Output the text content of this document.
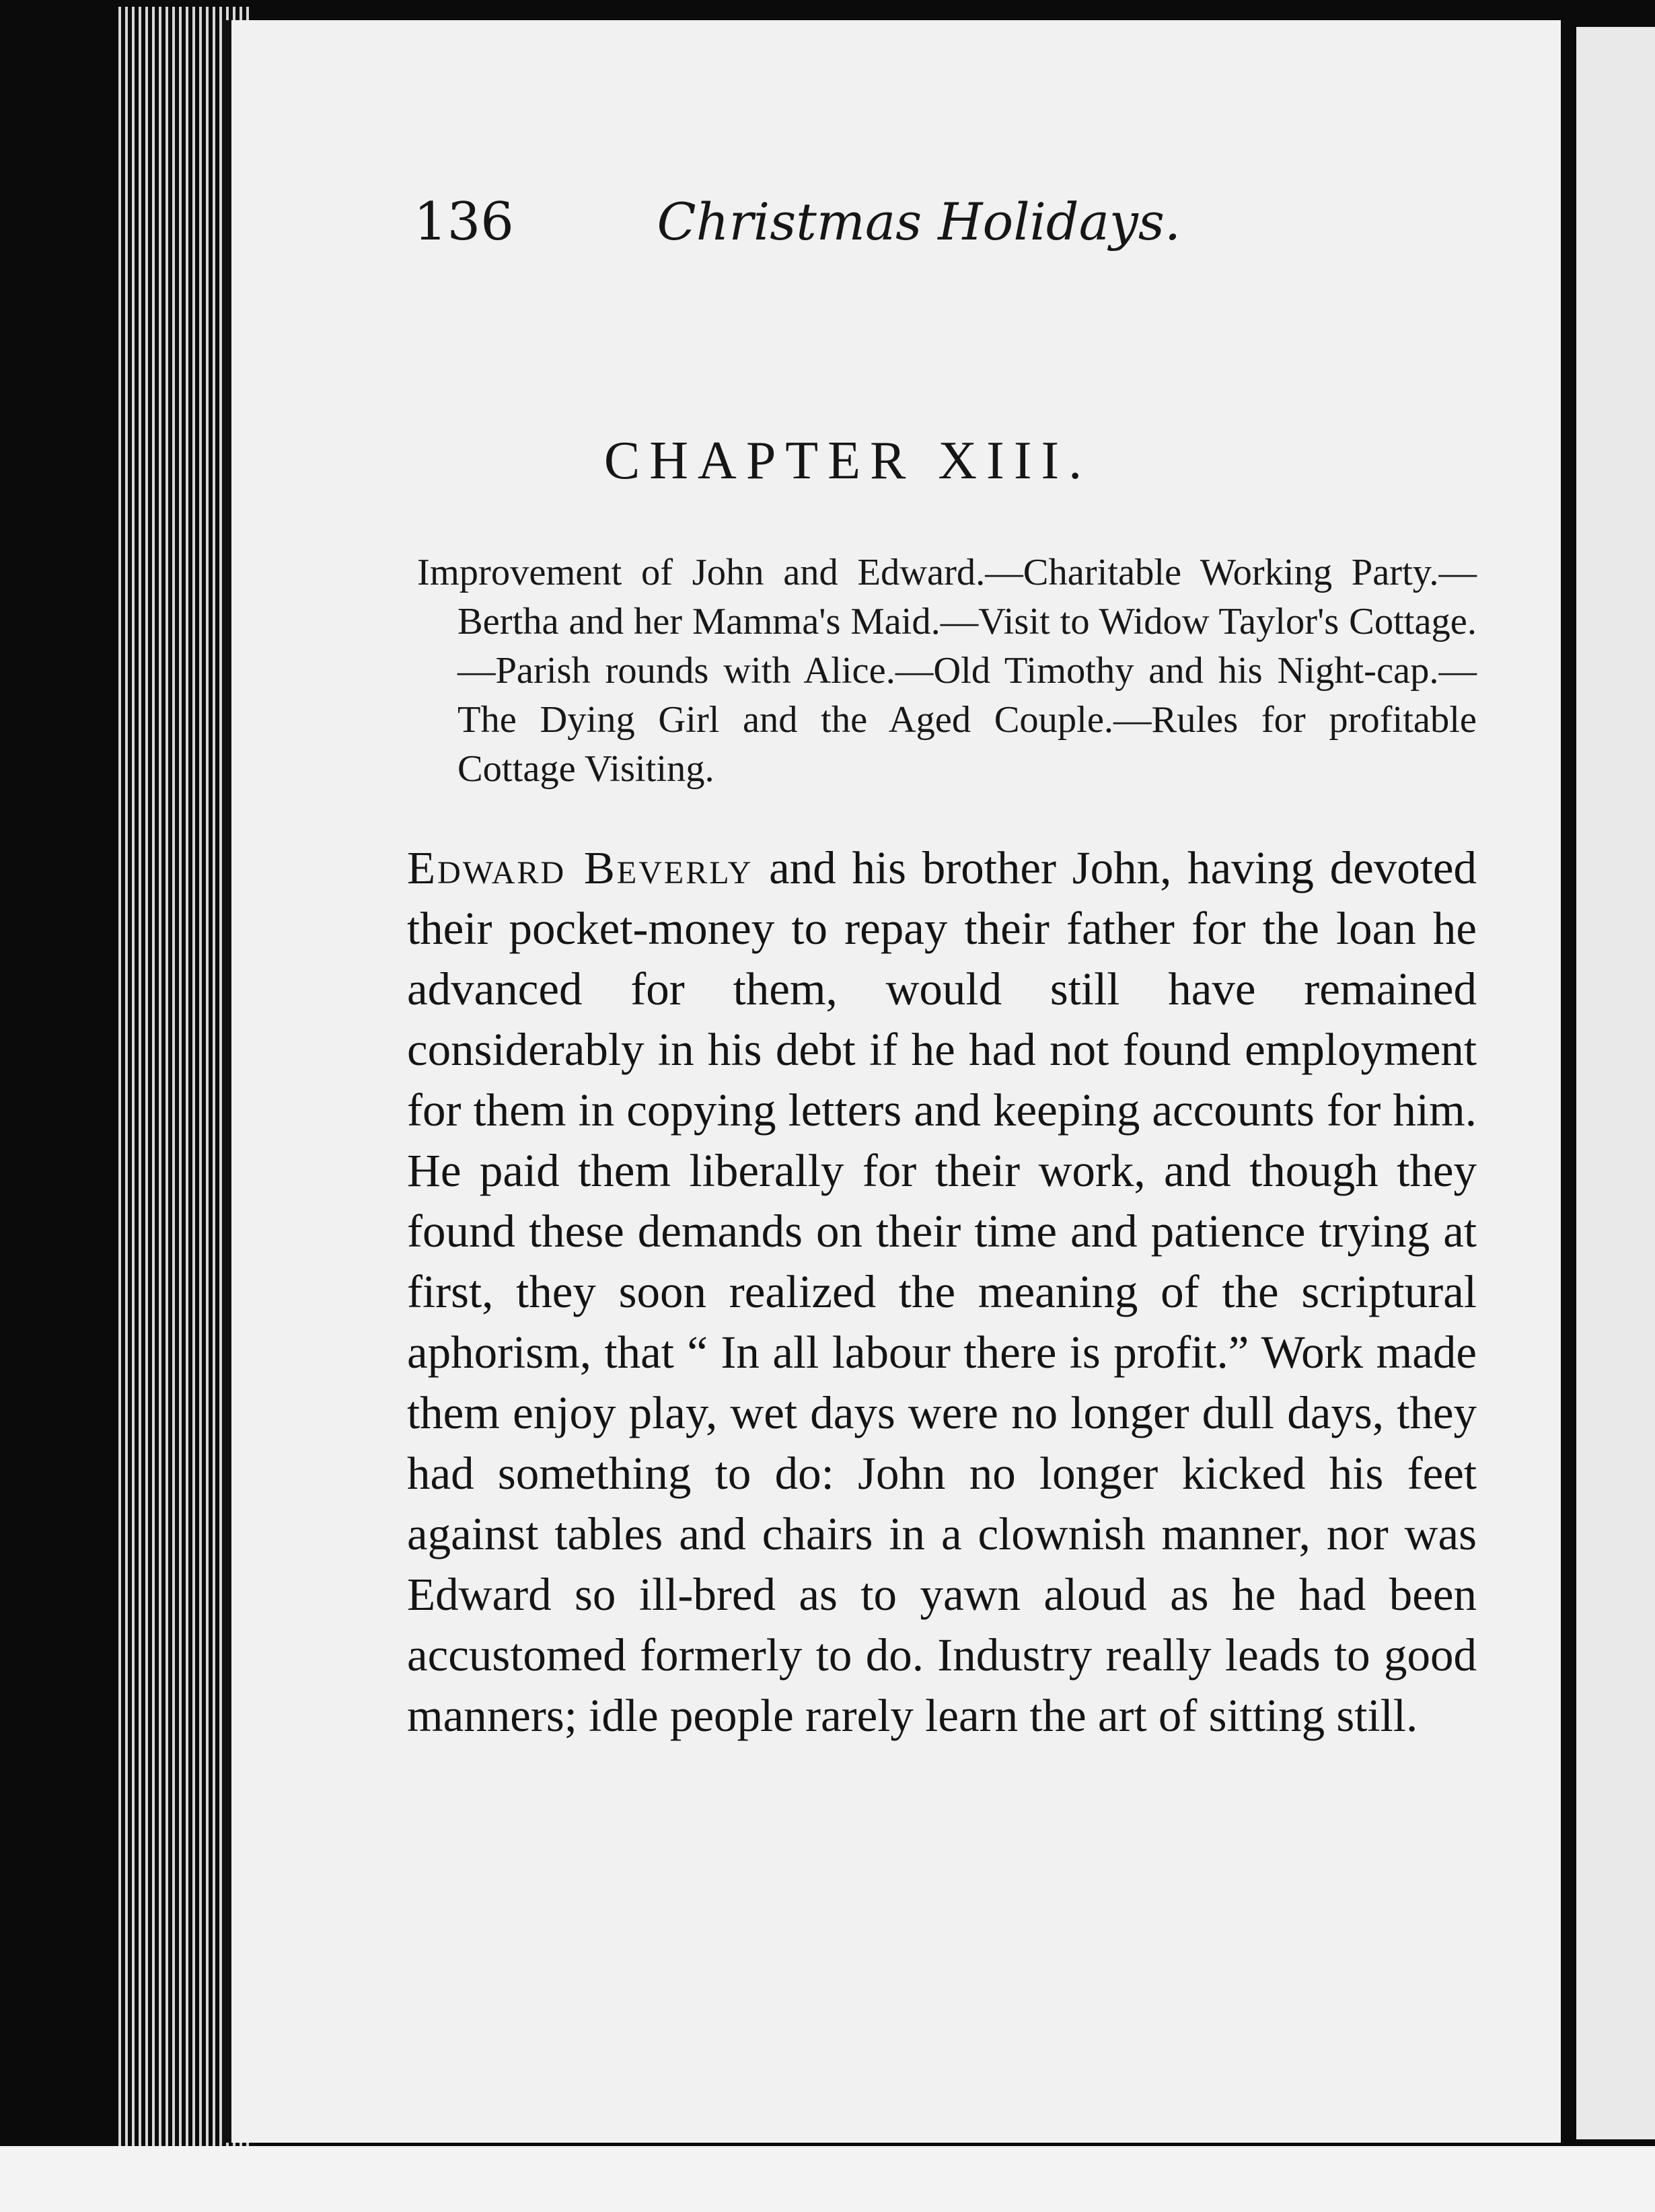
136	Christmas Holidays.
CHAPTER XIII.
Improvement of John and Edward.—Charitable Working Party.—Bertha and her Mamma's Maid.—Visit to Widow Taylor's Cottage.—Parish rounds with Alice.—Old Timothy and his Night-cap.—The Dying Girl and the Aged Couple.—Rules for profitable Cottage Visiting.
Edward Beverly and his brother John, having devoted their pocket-money to repay their father for the loan he advanced for them, would still have remained considerably in his debt if he had not found employment for them in copying letters and keeping accounts for him. He paid them liberally for their work, and though they found these demands on their time and patience trying at first, they soon realized the meaning of the scriptural aphorism, that “ In all labour there is profit.” Work made them enjoy play, wet days were no longer dull days, they had something to do: John no longer kicked his feet against tables and chairs in a clownish manner, nor was Edward so ill-bred as to yawn aloud as he had been accustomed formerly to do. Industry really leads to good manners; idle people rarely learn the art of sitting still.
